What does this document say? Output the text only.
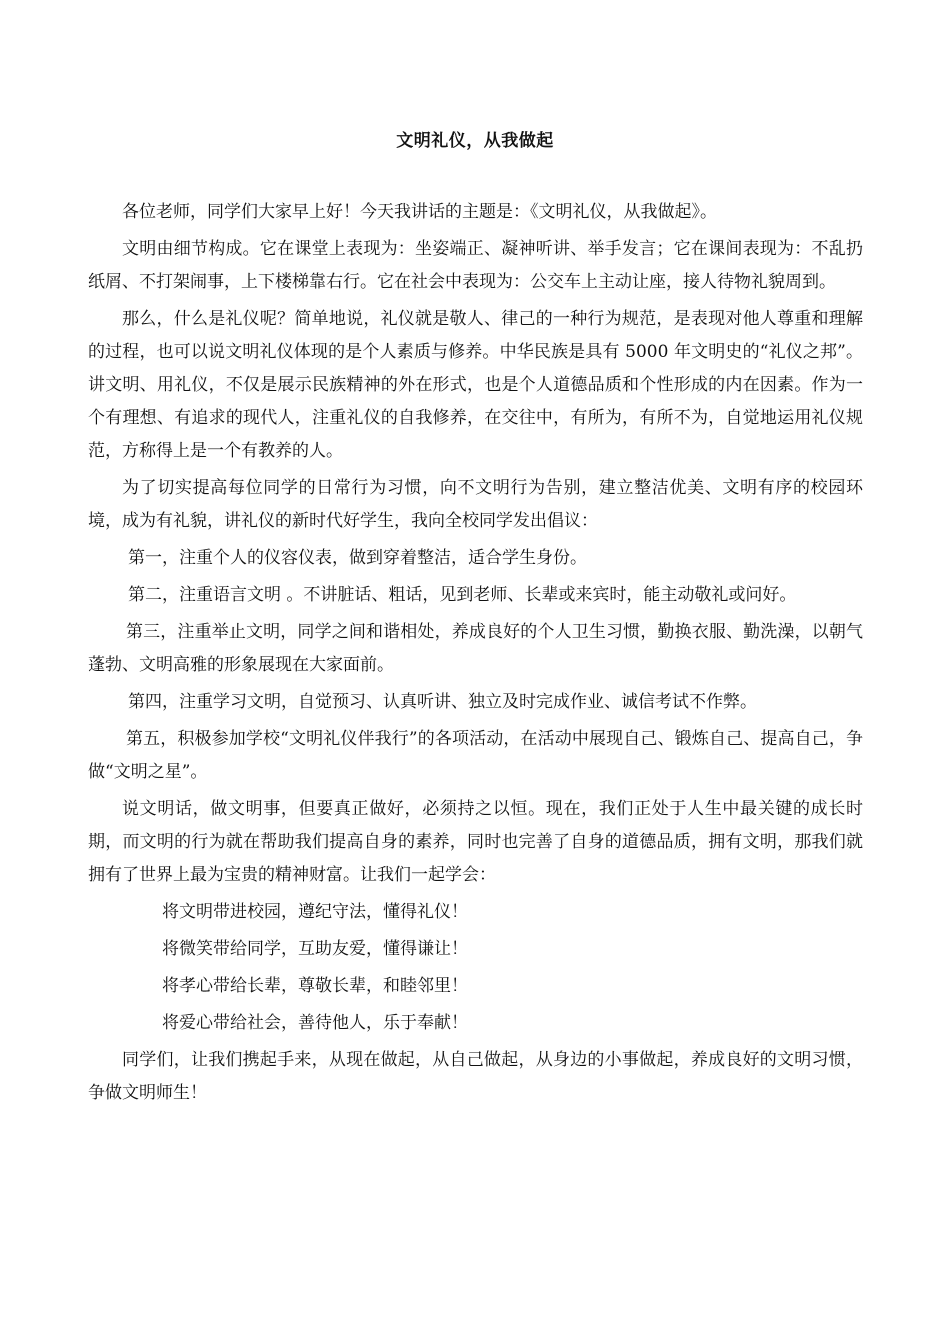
文明礼仪，从我做起

各位老师，同学们大家早上好！今天我讲话的主题是：《文明礼仪，从我做起》。

文明由细节构成。它在课堂上表现为：坐姿端正、凝神听讲、举手发言；它在课间表现为：不乱扔纸屑、不打架闹事，上下楼梯靠右行。它在社会中表现为：公交车上主动让座，接人待物礼貌周到。

那么，什么是礼仪呢？简单地说，礼仪就是敬人、律己的一种行为规范，是表现对他人尊重和理解的过程，也可以说文明礼仪体现的是个人素质与修养。中华民族是具有 5000 年文明史的“礼仪之邦”。讲文明、用礼仪，不仅是展示民族精神的外在形式，也是个人道德品质和个性形成的内在因素。作为一个有理想、有追求的现代人，注重礼仪的自我修养，在交往中，有所为，有所不为，自觉地运用礼仪规范，方称得上是一个有教养的人。

为了切实提高每位同学的日常行为习惯，向不文明行为告别，建立整洁优美、文明有序的校园环境，成为有礼貌，讲礼仪的新时代好学生，我向全校同学发出倡议：

第一，注重个人的仪容仪表，做到穿着整洁，适合学生身份。

第二，注重语言文明 。不讲脏话、粗话，见到老师、长辈或来宾时，能主动敬礼或问好。

第三，注重举止文明，同学之间和谐相处，养成良好的个人卫生习惯，勤换衣服、勤洗澡，以朝气蓬勃、文明高雅的形象展现在大家面前。

第四，注重学习文明，自觉预习、认真听讲、独立及时完成作业、诚信考试不作弊。

第五，积极参加学校“文明礼仪伴我行”的各项活动，在活动中展现自己、锻炼自己、提高自己，争做“文明之星”。

说文明话，做文明事，但要真正做好，必须持之以恒。现在，我们正处于人生中最关键的成长时期，而文明的行为就在帮助我们提高自身的素养，同时也完善了自身的道德品质，拥有文明，那我们就拥有了世界上最为宝贵的精神财富。让我们一起学会：

将文明带进校园，遵纪守法，懂得礼仪！

将微笑带给同学，互助友爱，懂得谦让！

将孝心带给长辈，尊敬长辈，和睦邻里！

将爱心带给社会，善待他人，乐于奉献！

同学们，让我们携起手来，从现在做起，从自己做起，从身边的小事做起，养成良好的文明习惯，争做文明师生！
